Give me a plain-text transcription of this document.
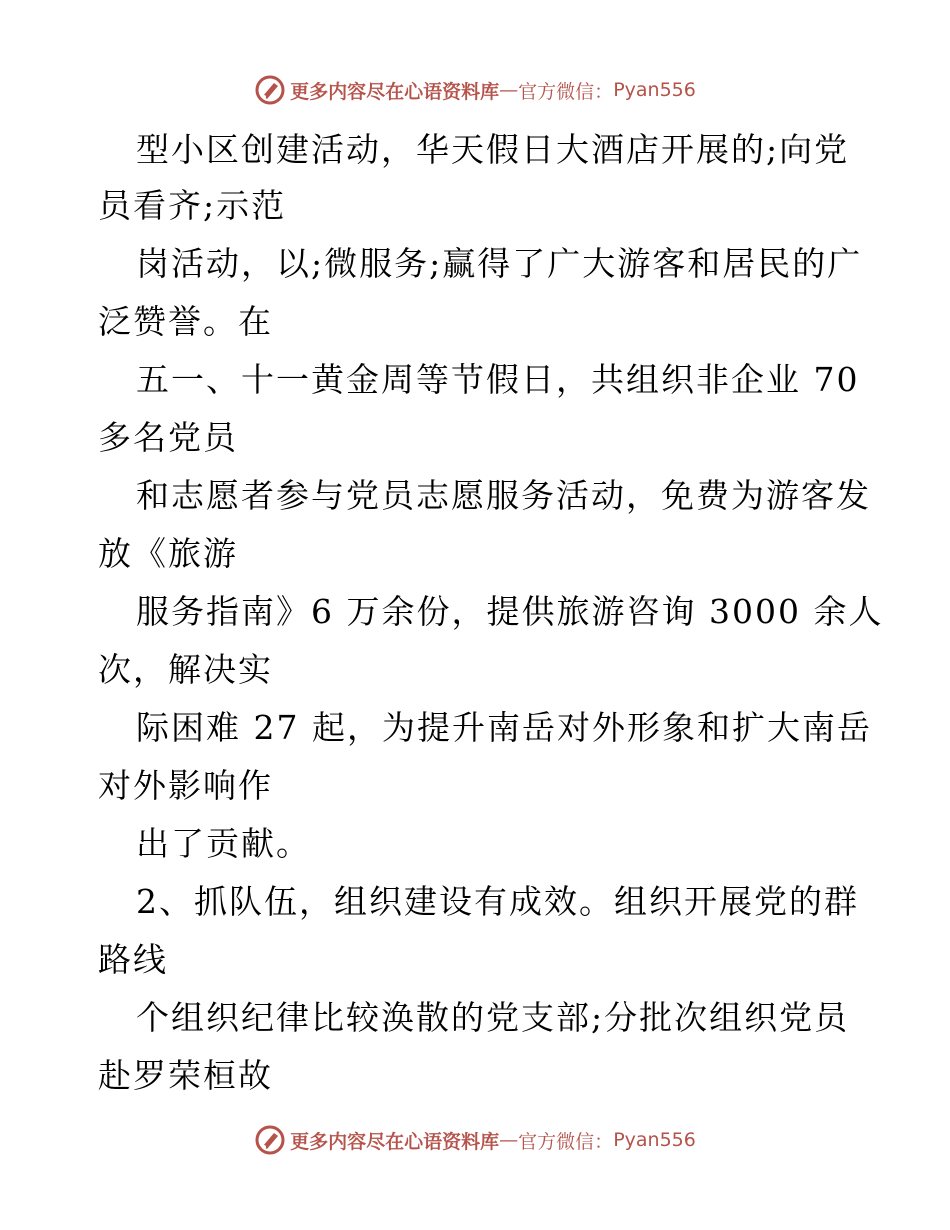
更多内容尽在心语资料库 — 官方微信： Pyan556
型小区创建活动，华天假日大酒店开展的;向党
员看齐;示范
岗活动，以;微服务;赢得了广大游客和居民的广
泛赞誉。在
五一、十一黄金周等节假日，共组织非企业 70
多名党员
和志愿者参与党员志愿服务活动，免费为游客发
放《旅游
服务指南》6 万余份，提供旅游咨询 3000 余人
次，解决实
际困难 27 起，为提升南岳对外形象和扩大南岳
对外影响作
出了贡献。
2、抓队伍，组织建设有成效。组织开展党的群
路线
个组织纪律比较涣散的党支部;分批次组织党员
赴罗荣桓故
更多内容尽在心语资料库 — 官方微信： Pyan556
